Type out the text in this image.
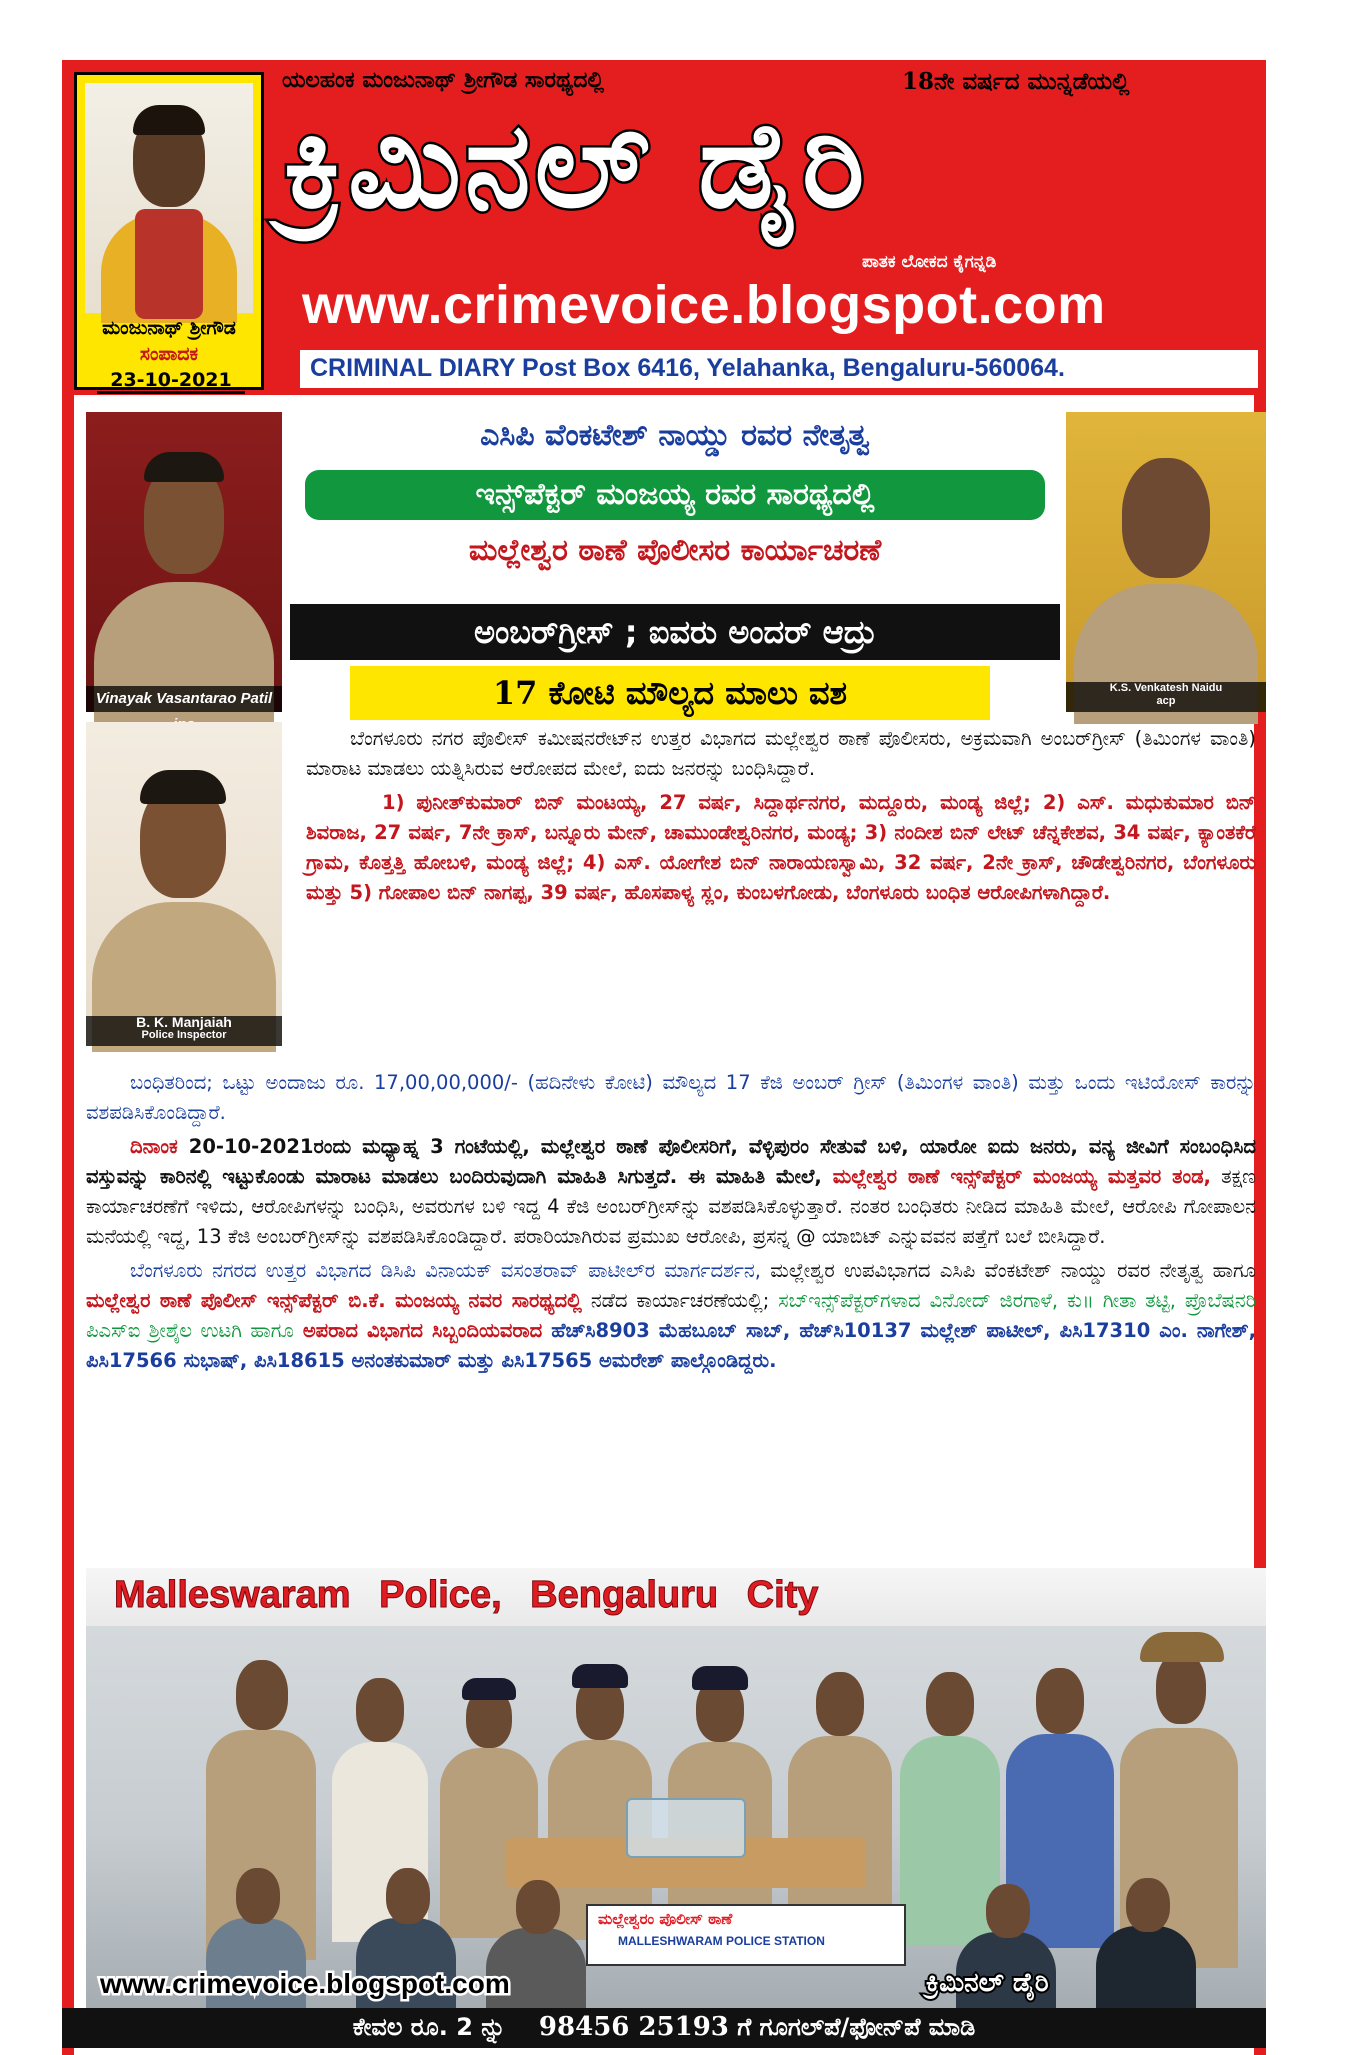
ಮಂಜುನಾಥ್ ಶ್ರೀಗೌಡ
ಸಂಪಾದಕ
23-10-2021
ಯಲಹಂಕ ಮಂಜುನಾಥ್ ಶ್ರೀಗೌಡ ಸಾರಥ್ಯದಲ್ಲಿ	18ನೇ ವರ್ಷದ ಮುನ್ನಡೆಯಲ್ಲಿ
ಕ್ರಿಮಿನಲ್ ಡೈರಿ
ಪಾತಕ ಲೋಕದ ಕೈಗನ್ನಡಿ
www.crimevoice.blogspot.com
CRIMINAL DIARY Post Box 6416, Yelahanka, Bengaluru-560064.
Vinayak Vasantarao Patil
K.S. Venkatesh Naidu
acp
B. K. Manjaiah
Police Inspector
ಎಸಿಪಿ ವೆಂಕಟೇಶ್ ನಾಯ್ಡು ರವರ ನೇತೃತ್ವ
ಇನ್ಸ್‌ಪೆಕ್ಟರ್ ಮಂಜಯ್ಯ ರವರ ಸಾರಥ್ಯದಲ್ಲಿ
ಮಲ್ಲೇಶ್ವರ ಠಾಣೆ ಪೊಲೀಸರ ಕಾರ್ಯಾಚರಣೆ
ಅಂಬರ್‌ಗ್ರೀಸ್ ; ಐವರು ಅಂದರ್ ಆದ್ರು
17 ಕೋಟಿ ಮೌಲ್ಯದ ಮಾಲು ವಶ

ಬೆಂಗಳೂರು ನಗರ ಪೊಲೀಸ್ ಕಮೀಷನರೇಟ್‌ನ ಉತ್ತರ ವಿಭಾಗದ ಮಲ್ಲೇಶ್ವರ ಠಾಣೆ ಪೊಲೀಸರು, ಅಕ್ರಮವಾಗಿ ಅಂಬರ್‌ಗ್ರೀಸ್ (ತಿಮಿಂಗಳ ವಾಂತಿ) ಮಾರಾಟ ಮಾಡಲು ಯತ್ನಿಸಿರುವ ಆರೋಪದ ಮೇಲೆ, ಐದು ಜನರನ್ನು ಬಂಧಿಸಿದ್ದಾರೆ.

1) ಪುನೀತ್‌ಕುಮಾರ್ ಬಿನ್ ಮಂಟಯ್ಯ, 27 ವರ್ಷ, ಸಿದ್ದಾರ್ಥನಗರ, ಮದ್ದೂರು, ಮಂಡ್ಯ ಜಿಲ್ಲೆ; 2) ಎಸ್. ಮಧುಕುಮಾರ ಬಿನ್ ಶಿವರಾಜ, 27 ವರ್ಷ, 7ನೇ ಕ್ರಾಸ್, ಬನ್ನೂರು ಮೇನ್, ಚಾಮುಂಡೇಶ್ವರಿನಗರ, ಮಂಡ್ಯ; 3) ನಂದೀಶ ಬಿನ್ ಲೇಟ್ ಚೆನ್ನಕೇಶವ, 34 ವರ್ಷ, ಕ್ಯಾಂತಕೆರೆ ಗ್ರಾಮ, ಕೊತ್ತತ್ತಿ ಹೋಬಳಿ, ಮಂಡ್ಯ ಜಿಲ್ಲೆ; 4) ಎಸ್. ಯೋಗೇಶ ಬಿನ್ ನಾರಾಯಣಸ್ವಾಮಿ, 32 ವರ್ಷ, 2ನೇ ಕ್ರಾಸ್, ಚೌಡೇಶ್ವರಿನಗರ, ಬೆಂಗಳೂರು ಮತ್ತು 5) ಗೋಪಾಲ ಬಿನ್ ನಾಗಪ್ಪ, 39 ವರ್ಷ, ಹೊಸಪಾಳ್ಯ ಸ್ಲಂ, ಕುಂಬಳಗೋಡು, ಬೆಂಗಳೂರು ಬಂಧಿತ ಆರೋಪಿಗಳಾಗಿದ್ದಾರೆ.

ಬಂಧಿತರಿಂದ; ಒಟ್ಟು ಅಂದಾಜು ರೂ. 17,00,00,000/- (ಹದಿನೇಳು ಕೋಟಿ) ಮೌಲ್ಯದ 17 ಕೆಜಿ ಅಂಬರ್ ಗ್ರೀಸ್ (ತಿಮಿಂಗಳ ವಾಂತಿ) ಮತ್ತು ಒಂದು ಇಟಿಯೋಸ್ ಕಾರನ್ನು ವಶಪಡಿಸಿಕೊಂಡಿದ್ದಾರೆ.

ದಿನಾಂಕ 20-10-2021ರಂದು ಮಧ್ಯಾಹ್ನ 3 ಗಂಟೆಯಲ್ಲಿ, ಮಲ್ಲೇಶ್ವರ ಠಾಣೆ ಪೊಲೀಸರಿಗೆ, ವೆಳ್ಳಿಪುರಂ ಸೇತುವೆ ಬಳಿ, ಯಾರೋ ಐದು ಜನರು, ವನ್ಯ ಜೀವಿಗೆ ಸಂಬಂಧಿಸಿದ ವಸ್ತುವನ್ನು ಕಾರಿನಲ್ಲಿ ಇಟ್ಟುಕೊಂಡು ಮಾರಾಟ ಮಾಡಲು ಬಂದಿರುವುದಾಗಿ ಮಾಹಿತಿ ಸಿಗುತ್ತದೆ. ಈ ಮಾಹಿತಿ ಮೇಲೆ, ಮಲ್ಲೇಶ್ವರ ಠಾಣೆ ಇನ್ಸ್‌ಪೆಕ್ಟರ್ ಮಂಜಯ್ಯ ಮತ್ತವರ ತಂಡ, ತಕ್ಷಣ ಕಾರ್ಯಾಚರಣೆಗೆ ಇಳಿದು, ಆರೋಪಿಗಳನ್ನು ಬಂಧಿಸಿ, ಅವರುಗಳ ಬಳಿ ಇದ್ದ 4 ಕೆಜಿ ಅಂಬರ್‌ಗ್ರೀಸ್‌ನ್ನು ವಶಪಡಿಸಿಕೊಳ್ಳುತ್ತಾರೆ. ನಂತರ ಬಂಧಿತರು ನೀಡಿದ ಮಾಹಿತಿ ಮೇಲೆ, ಆರೋಪಿ ಗೋಪಾಲನ ಮನೆಯಲ್ಲಿ ಇದ್ದ, 13 ಕೆಜಿ ಅಂಬರ್‌ಗ್ರೀಸ್‌ನ್ನು ವಶಪಡಿಸಿಕೊಂಡಿದ್ದಾರೆ. ಪರಾರಿಯಾಗಿರುವ ಪ್ರಮುಖ ಆರೋಪಿ, ಪ್ರಸನ್ನ @ ಯಾಬಿಟ್ ಎನ್ನುವವನ ಪತ್ತೆಗೆ ಬಲೆ ಬೀಸಿದ್ದಾರೆ.

ಬೆಂಗಳೂರು ನಗರದ ಉತ್ತರ ವಿಭಾಗದ ಡಿಸಿಪಿ ವಿನಾಯಕ್ ವಸಂತರಾವ್ ಪಾಟೀಲ್‌ರ ಮಾರ್ಗದರ್ಶನ, ಮಲ್ಲೇಶ್ವರ ಉಪವಿಭಾಗದ ಎಸಿಪಿ ವೆಂಕಟೇಶ್ ನಾಯ್ಡು ರವರ ನೇತೃತ್ವ ಹಾಗೂ ಮಲ್ಲೇಶ್ವರ ಠಾಣೆ ಪೊಲೀಸ್ ಇನ್ಸ್‌ಪೆಕ್ಟರ್ ಬಿ.ಕೆ. ಮಂಜಯ್ಯ ನವರ ಸಾರಥ್ಯದಲ್ಲಿ ನಡೆದ ಕಾರ್ಯಾಚರಣೆಯಲ್ಲಿ; ಸಬ್‌ಇನ್ಸ್‌ಪೆಕ್ಟರ್‌ಗಳಾದ ವಿನೋದ್ ಜಿರಗಾಳೆ, ಕು॥ ಗೀತಾ ತಟ್ಟಿ, ಪ್ರೊಬೆಷನರಿ ಪಿಎಸ್ಐ ಶ್ರೀಶೈಲ ಉಟಗಿ ಹಾಗೂ ಅಪರಾದ ವಿಭಾಗದ ಸಿಬ್ಬಂದಿಯವರಾದ ಹೆಚ್‌ಸಿ8903 ಮೆಹಬೂಬ್ ಸಾಬ್, ಹೆಚ್‌ಸಿ10137 ಮಲ್ಲೇಶ್ ಪಾಟೀಲ್, ಪಿಸಿ17310 ಎಂ. ನಾಗೇಶ್, ಪಿಸಿ17566 ಸುಭಾಷ್, ಪಿಸಿ18615 ಅನಂತಕುಮಾರ್ ಮತ್ತು ಪಿಸಿ17565 ಅಮರೇಶ್ ಪಾಲ್ಗೊಂಡಿದ್ದರು.

Malleswaram Police, Bengaluru City
ಮಲ್ಲೇಶ್ವರಂ ಪೊಲೀಸ್ ಠಾಣೆ
MALLESHWARAM POLICE STATION
www.crimevoice.blogspot.com	ಕ್ರಿಮಿನಲ್ ಡೈರಿ
ಕೇವಲ ರೂ. 2 ನ್ನು    98456 25193 ಗೆ ಗೂಗಲ್‌ಪೆ/ಫೋನ್‌ಪೆ ಮಾಡಿ
